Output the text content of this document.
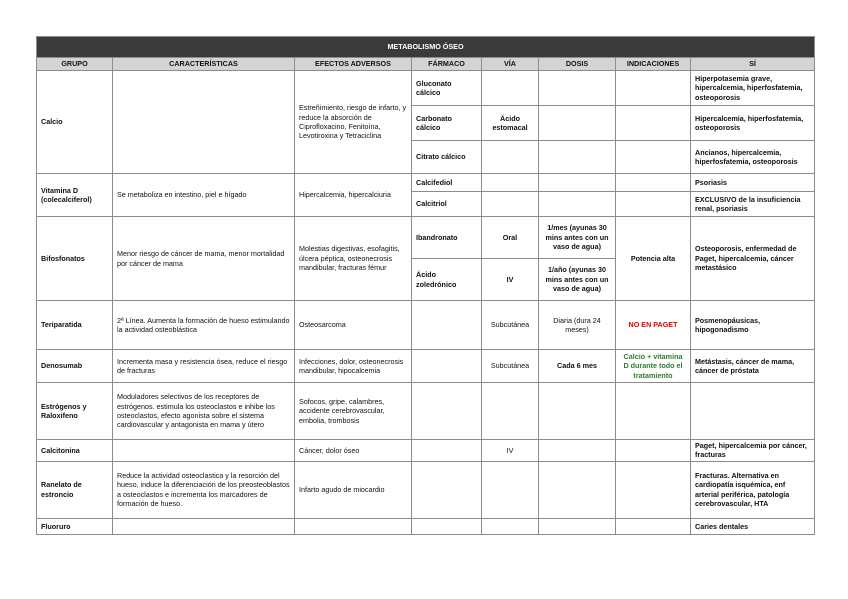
METABOLISMO ÓSEO							
GRUPO	CARACTERÍSTICAS	EFECTOS ADVERSOS	FÁRMACO	VÍA	DOSIS	INDICACIONES	SÍ
Calcio		Estreñimiento, riesgo de infarto, y reduce la absorción de Ciprofloxacino, Fenitoína, Levotiroxina y Tetraciclina	Gluconato cálcico				Hiperpotasemia grave, hipercalcemia, hiperfosfatemia, osteoporosis
			Carbonato cálcico	Ácido estomacal			Hipercalcemia, hiperfosfatemia, osteoporosis
			Citrato cálcico				Ancianos, hipercalcemia, hiperfosfatemia, osteoporosis
Vitamina D (colecalciferol)	Se metaboliza en intestino, piel e hígado	Hipercalcemia, hipercalciuria	Calcifediol				Psoriasis
			Calcitriol				EXCLUSIVO de la insuficiencia renal, psoriasis
Bifosfonatos	Menor riesgo de cáncer de mama, menor mortalidad por cáncer de mama	Molestias digestivas, esofagitis, úlcera péptica, osteonecrosis mandibular, fracturas fémur	Ibandronato	Oral	1/mes (ayunas 30 mins antes con un vaso de agua)	Potencia alta	Osteoporosis, enfermedad de Paget, hipercalcemia, cáncer metastásico
			Ácido zoledrónico	IV	1/año (ayunas 30 mins antes con un vaso de agua)		
Teriparatida	2ª Línea. Aumenta la formación de hueso estimulando la actividad osteoblástica	Osteosarcoma		Subcutánea	Diaria (dura 24 meses)	NO EN PAGET	Posmenopáusicas, hipogonadismo
Denosumab	Incrementa masa y resistencia ósea, reduce el riesgo de fracturas	Infecciones, dolor, osteonecrosis mandibular, hipocalcemia		Subcutánea	Cada 6 mes	Calcio + vitamina D durante todo el tratamiento	Metástasis, cáncer de mama, cáncer de próstata
Estrógenos y Raloxifeno	Moduladores selectivos de los receptores de estrógenos. estimula los osteoclastos e inhibe los osteoclastos, efecto agonista sobre el sistema cardiovascular y antagonista en mama y útero	Sofocos, gripe, calambres, accidente cerebrovascular, embolia, trombosis					
Calcitonina		Cáncer, dolor óseo		IV			Paget, hipercalcemia por cáncer, fracturas
Ranelato de estroncio	Reduce la actividad osteoclastica y la resorción del hueso, induce la diferenciación de los preosteoblastos a osteoclastos e incrementa los marcadores de formación de hueso.	Infarto agudo de miocardio					Fracturas. Alternativa en cardiopatía isquémica, enf arterial periférica, patología cerebrovascular, HTA
Fluoruro							Caries dentales
